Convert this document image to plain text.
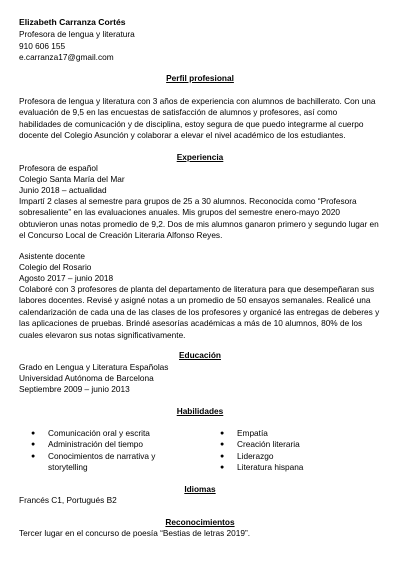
Elizabeth Carranza Cortés
Profesora de lengua y literatura
910 606 155
e.carranza17@gmail.com
Perfil profesional
Profesora de lengua y literatura con 3 años de experiencia con alumnos de bachillerato. Con una evaluación de 9,5 en las encuestas de satisfacción de alumnos y profesores, así como habilidades de comunicación y de disciplina, estoy segura de que puedo integrarme al cuerpo docente del Colegio Asunción y colaborar a elevar el nivel académico de los estudiantes.
Experiencia
Profesora de español
Colegio Santa María del Mar
Junio 2018 – actualidad
Impartí 2 clases al semestre para grupos de 25 a 30 alumnos. Reconocida como “Profesora sobresaliente” en las evaluaciones anuales. Mis grupos del semestre enero-mayo 2020 obtuvieron unas notas promedio de 9,2. Dos de mis alumnos ganaron primero y segundo lugar en el Concurso Local de Creación Literaria Alfonso Reyes.
Asistente docente
Colegio del Rosario
Agosto 2017 – junio 2018
Colaboré con 3 profesores de planta del departamento de literatura para que desempeñaran sus labores docentes. Revisé y asigné notas a un promedio de 50 ensayos semanales. Realicé una calendarización de cada una de las clases de los profesores y organicé las entregas de deberes y las aplicaciones de pruebas. Brindé asesorías académicas a más de 10 alumnos, 80% de los cuales elevaron sus notas significativamente.
Educación
Grado en Lengua y Literatura Españolas
Universidad Autónoma de Barcelona
Septiembre 2009 – junio 2013
Habilidades
● Comunicación oral y escrita
● Administración del tiempo
● Conocimientos de narrativa y storytelling
● Empatía
● Creación literaria
● Liderazgo
● Literatura hispana
Idiomas
Francés C1, Portugués B2
Reconocimientos
Tercer lugar en el concurso de poesía “Bestias de letras 2019”.
